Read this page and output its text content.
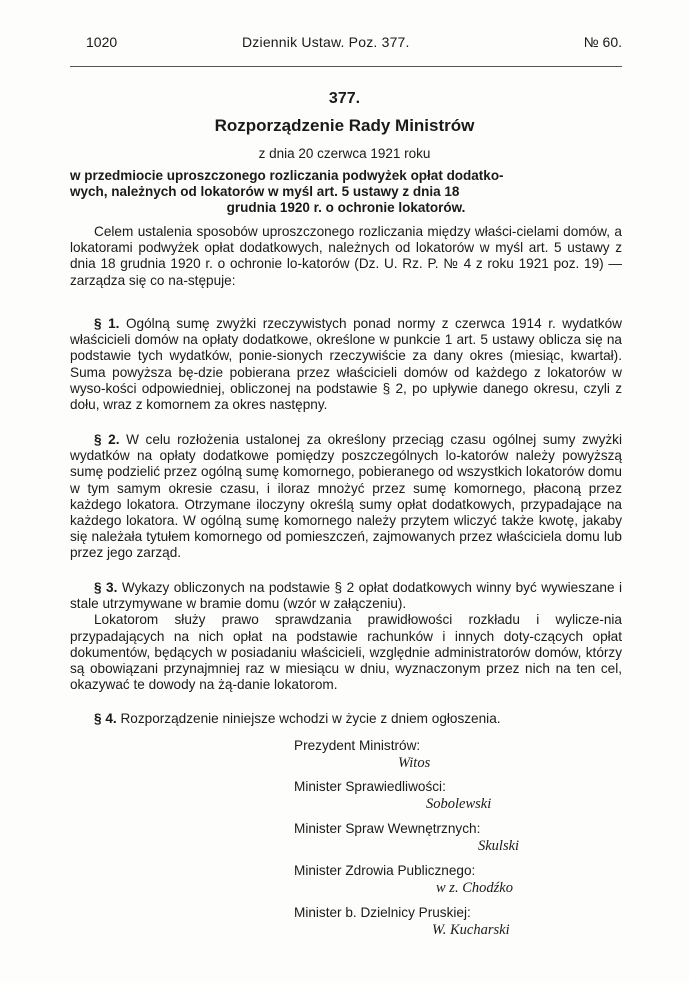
1020	Dziennik Ustaw. Poz. 377.	№ 60.
377.
Rozporządzenie Rady Ministrów
z dnia 20 czerwca 1921 roku
w przedmiocie uproszczonego rozliczania podwyżek opłat dodatko-
wych, należnych od lokatorów w myśl art. 5 ustawy z dnia 18
grudnia 1920 r. o ochronie lokatorów.

Celem ustalenia sposobów uproszczonego rozliczania między właści-cielami domów, a lokatorami podwyżek opłat dodatkowych, należnych od lokatorów w myśl art. 5 ustawy z dnia 18 grudnia 1920 r. o ochronie lo-katorów (Dz. U. Rz. P. № 4 z roku 1921 poz. 19) — zarządza się co na-stępuje:

§ 1. Ogólną sumę zwyżki rzeczywistych ponad normy z czerwca 1914 r. wydatków właścicieli domów na opłaty dodatkowe, określone w punkcie 1 art. 5 ustawy oblicza się na podstawie tych wydatków, ponie-sionych rzeczywiście za dany okres (miesiąc, kwartał). Suma powyższa bę-dzie pobierana przez właścicieli domów od każdego z lokatorów w wyso-kości odpowiedniej, obliczonej na podstawie § 2, po upływie danego okresu, czyli z dołu, wraz z komornem za okres następny.

§ 2. W celu rozłożenia ustalonej za określony przeciąg czasu ogólnej sumy zwyżki wydatków na opłaty dodatkowe pomiędzy poszczególnych lo-katorów należy powyższą sumę podzielić przez ogólną sumę komornego, pobieranego od wszystkich lokatorów domu w tym samym okresie czasu, i iloraz mnożyć przez sumę komornego, płaconą przez każdego lokatora. Otrzymane iloczyny określą sumy opłat dodatkowych, przypadające na każdego lokatora. W ogólną sumę komornego należy przytem wliczyć także kwotę, jakaby się należała tytułem komornego od pomieszczeń, zajmowanych przez właściciela domu lub przez jego zarząd.

§ 3. Wykazy obliczonych na podstawie § 2 opłat dodatkowych winny być wywieszane i stale utrzymywane w bramie domu (wzór w załączeniu).

Lokatorom służy prawo sprawdzania prawidłowości rozkładu i wylicze-nia przypadających na nich opłat na podstawie rachunków i innych doty-czących opłat dokumentów, będących w posiadaniu właścicieli, względnie administratorów domów, którzy są obowiązani przynajmniej raz w miesiącu w dniu, wyznaczonym przez nich na ten cel, okazywać te dowody na żą-danie lokatorom.

§ 4. Rozporządzenie niniejsze wchodzi w życie z dniem ogłoszenia.

Prezydent Ministrów:
Witos
Minister Sprawiedliwości:
Sobolewski
Minister Spraw Wewnętrznych:
Skulski
Minister Zdrowia Publicznego:
w z. Chodźko
Minister b. Dzielnicy Pruskiej:
W. Kucharski
